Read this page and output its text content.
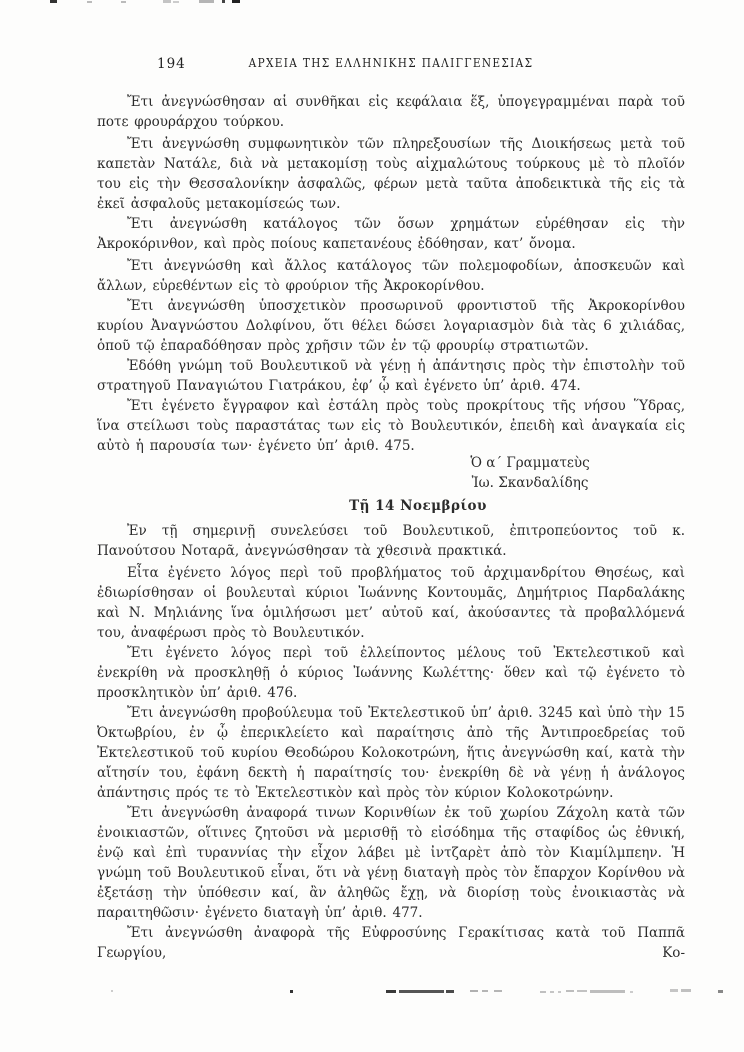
194	ΑΡΧΕΙΑ ΤΗΣ ΕΛΛΗΝΙΚΗΣ ΠΑΛΙΓΓΕΝΕΣΙΑΣ

Ἔτι ἀνεγνώσθησαν αἱ συνθῆκαι εἰς κεφάλαια ἕξ, ὑπογεγραμμέναι παρὰ τοῦ ποτε φρουράρχου τούρκου.

Ἔτι ἀνεγνώσθη συμφωνητικὸν τῶν πληρεξουσίων τῆς Διοικήσεως μετὰ τοῦ καπετὰν Νατάλε, διὰ νὰ μετακομίσῃ τοὺς αἰχμαλώτους τούρκους μὲ τὸ πλοῖόν του εἰς τὴν Θεσσαλονίκην ἀσφαλῶς, φέρων μετὰ ταῦτα ἀποδεικτικὰ τῆς εἰς τὰ ἐκεῖ ἀσφαλοῦς μετακομίσεώς των.

Ἔτι ἀνεγνώσθη κατάλογος τῶν ὅσων χρημάτων εὑρέθησαν εἰς τὴν Ἀκροκόρινθον, καὶ πρὸς ποίους καπετανέους ἐδόθησαν, κατ’ ὄνομα.

Ἔτι ἀνεγνώσθη καὶ ἄλλος κατάλογος τῶν πολεμοφοδίων, ἀποσκευῶν καὶ ἄλλων, εὑρεθέντων εἰς τὸ φρούριον τῆς Ἀκροκορίνθου.

Ἔτι ἀνεγνώσθη ὑποσχετικὸν προσωρινοῦ φροντιστοῦ τῆς Ἀκροκορίνθου κυρίου Ἀναγνώστου Δολφίνου, ὅτι θέλει δώσει λογαριασμὸν διὰ τὰς 6 χιλιάδας, ὁποῦ τῷ ἐπαραδόθησαν πρὸς χρῆσιν τῶν ἐν τῷ φρουρίῳ στρατιωτῶν.

Ἐδόθη γνώμη τοῦ Βουλευτικοῦ νὰ γένῃ ἡ ἀπάντησις πρὸς τὴν ἐπιστολὴν τοῦ στρατηγοῦ Παναγιώτου Γιατράκου, ἐφ’ ᾧ καὶ ἐγένετο ὑπ’ ἀριθ. 474.

Ἔτι ἐγένετο ἔγγραφον καὶ ἐστάλη πρὸς τοὺς προκρίτους τῆς νήσου Ὕδρας, ἵνα στείλωσι τοὺς παραστάτας των εἰς τὸ Βουλευτικόν, ἐπειδὴ καὶ ἀναγκαία εἰς αὐτὸ ἡ παρουσία των· ἐγένετο ὑπ’ ἀριθ. 475.

Ὁ α´ Γραμματεὺς
Ἰω. Σκανδαλίδης
Τῇ 14 Νοεμβρίου

Ἐν τῇ σημερινῇ συνελεύσει τοῦ Βουλευτικοῦ, ἐπιτροπεύοντος τοῦ κ. Πανούτσου Νοταρᾶ, ἀνεγνώσθησαν τὰ χθεσινὰ πρακτικά.

Εἶτα ἐγένετο λόγος περὶ τοῦ προβλήματος τοῦ ἀρχιμανδρίτου Θησέως, καὶ ἐδιωρίσθησαν οἱ βουλευταὶ κύριοι Ἰωάννης Κοντουμᾶς, Δημήτριος Παρδαλάκης καὶ Ν. Μηλιάνης ἵνα ὁμιλήσωσι μετ’ αὐτοῦ καί, ἀκούσαντες τὰ προβαλλόμενά του, ἀναφέρωσι πρὸς τὸ Βουλευτικόν.

Ἔτι ἐγένετο λόγος περὶ τοῦ ἐλλείποντος μέλους τοῦ Ἐκτελεστικοῦ καὶ ἐνεκρίθη νὰ προσκληθῇ ὁ κύριος Ἰωάννης Κωλέττης· ὅθεν καὶ τῷ ἐγένετο τὸ προσκλητικὸν ὑπ’ ἀριθ. 476.

Ἔτι ἀνεγνώσθη προβούλευμα τοῦ Ἐκτελεστικοῦ ὑπ’ ἀριθ. 3245 καὶ ὑπὸ τὴν 15 Ὀκτωβρίου, ἐν ᾧ ἐπερικλείετο καὶ παραίτησις ἀπὸ τῆς Ἀντιπροεδρείας τοῦ Ἐκτελεστικοῦ τοῦ κυρίου Θεοδώρου Κολοκοτρώνη, ἥτις ἀνεγνώσθη καί, κατὰ τὴν αἴτησίν του, ἐφάνη δεκτὴ ἡ παραίτησίς του· ἐνεκρίθη δὲ νὰ γένῃ ἡ ἀνάλογος ἀπάντησις πρός τε τὸ Ἐκτελεστικὸν καὶ πρὸς τὸν κύριον Κολοκοτρώνην.

Ἔτι ἀνεγνώσθη ἀναφορά τινων Κορινθίων ἐκ τοῦ χωρίου Ζάχολη κατὰ τῶν ἐνοικιαστῶν, οἵτινες ζητοῦσι νὰ μερισθῇ τὸ εἰσόδημα τῆς σταφίδος ὡς ἐθνική, ἐνῷ καὶ ἐπὶ τυραννίας τὴν εἶχον λάβει μὲ ἰντζαρὲτ ἀπὸ τὸν Κιαμίλμπεην. Ἡ γνώμη τοῦ Βουλευτικοῦ εἶναι, ὅτι νὰ γένῃ διαταγὴ πρὸς τὸν ἔπαρχον Κορίνθου νὰ ἐξετάσῃ τὴν ὑπόθεσιν καί, ἂν ἀληθῶς ἔχῃ, νὰ διορίσῃ τοὺς ἐνοικιαστὰς νὰ παραιτηθῶσιν· ἐγένετο διαταγὴ ὑπ’ ἀριθ. 477.

Ἔτι ἀνεγνώσθη ἀναφορὰ τῆς Εὐφροσύνης Γερακίτισας κατὰ τοῦ Παππᾶ Γεωργίου, Κο-
